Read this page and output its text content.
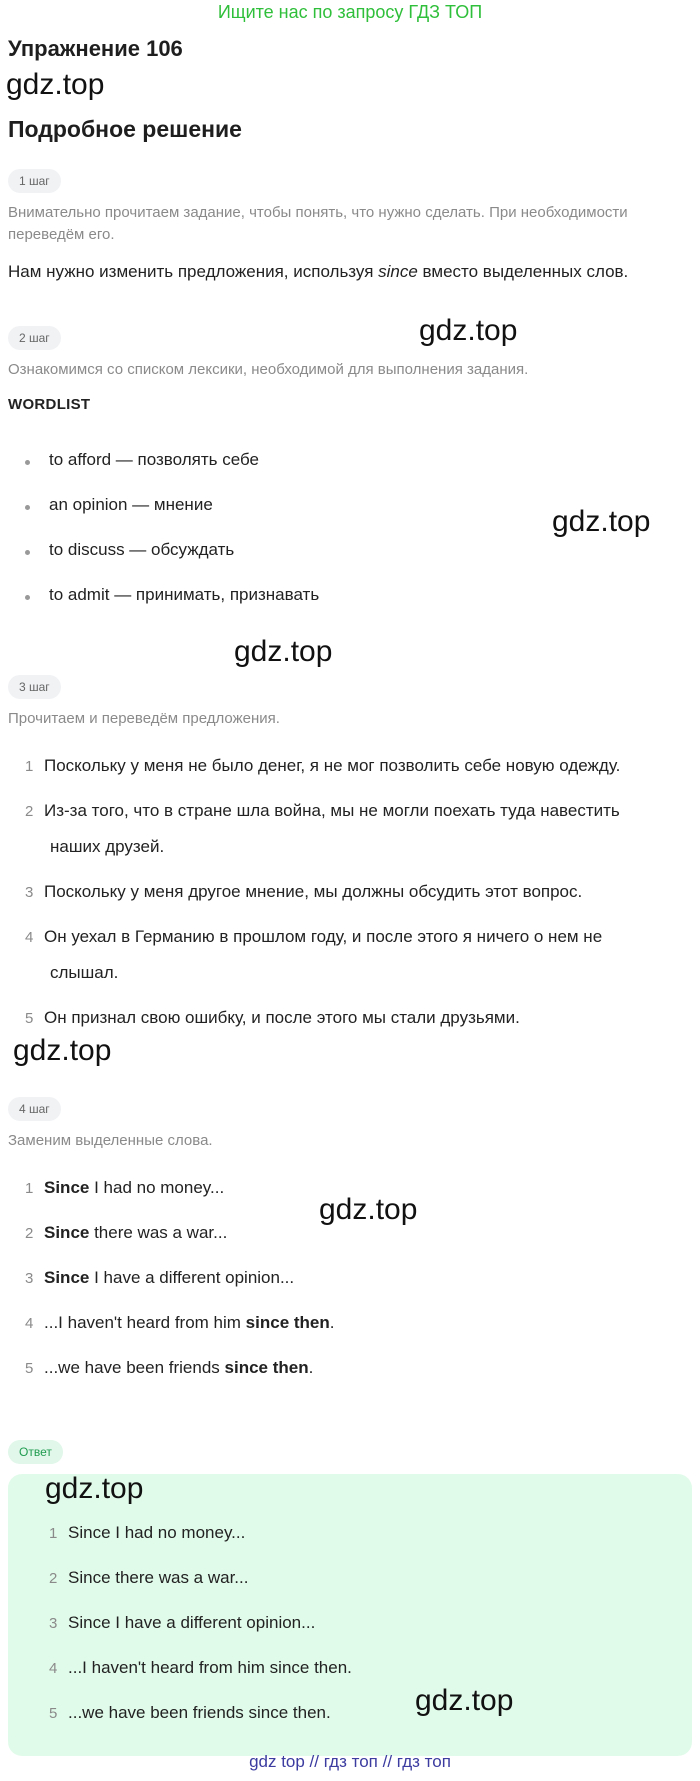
Ищите нас по запросу ГДЗ ТОП
Упражнение 106
gdz.top
Подробное решение
1 шаг
Внимательно прочитаем задание, чтобы понять, что нужно сделать. При необходимости переведём его.
Нам нужно изменить предложения, используя since вместо выделенных слов.
2 шаг	gdz.top
Ознакомимся со списком лексики, необходимой для выполнения задания.
WORDLIST
to afford — позволять себе
an opinion — мнение
to discuss — обсуждать
to admit — принимать, признавать
gdz.top
gdz.top
3 шаг
Прочитаем и переведём предложения.
1 Поскольку у меня не было денег, я не мог позволить себе новую одежду.
2 Из-за того, что в стране шла война, мы не могли поехать туда навестить
наших друзей.
3 Поскольку у меня другое мнение, мы должны обсудить этот вопрос.
4 Он уехал в Германию в прошлом году, и после этого я ничего о нем не
слышал.
5 Он признал свою ошибку, и после этого мы стали друзьями.
gdz.top
4 шаг
Заменим выделенные слова.
1 Since I had no money...
2 Since there was a war...
3 Since I have a different opinion...
4 ...I haven't heard from him since then.
5 ...we have been friends since then.
gdz.top
Ответ
gdz.top
1 Since I had no money...
2 Since there was a war...
3 Since I have a different opinion...
4 ...I haven't heard from him since then.
5 ...we have been friends since then.	gdz.top
gdz top // гдз топ // гдз топ
